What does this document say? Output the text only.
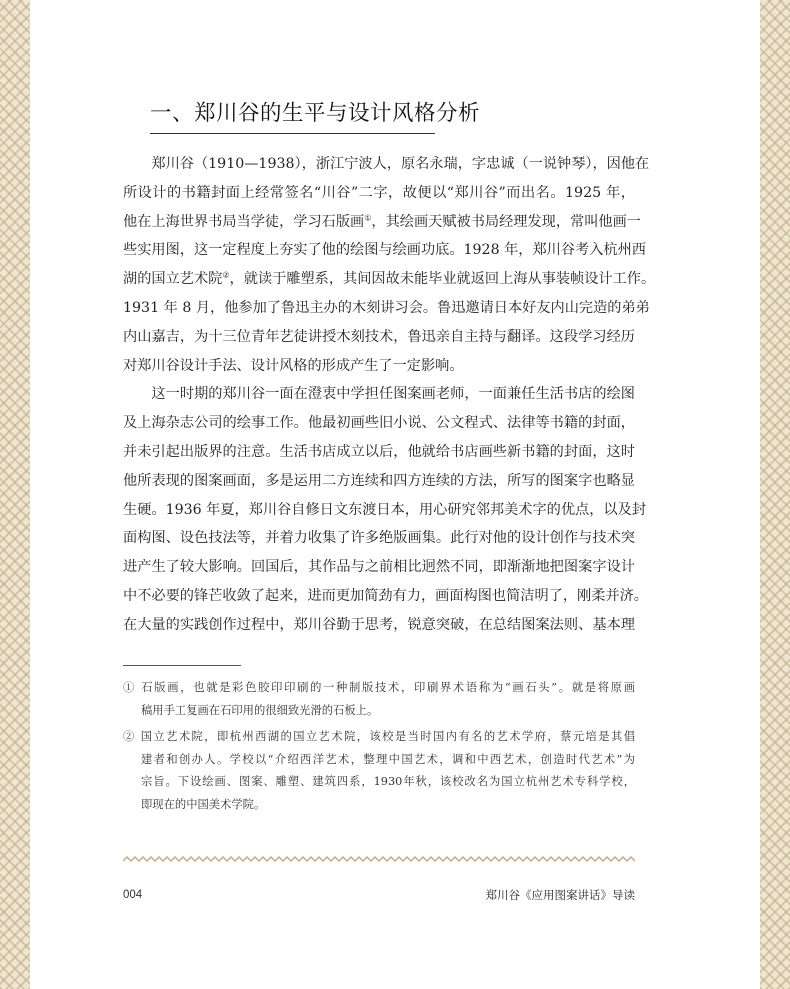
一、郑川谷的生平与设计风格分析

郑川谷（1910—1938），浙江宁波人，原名永瑞，字忠诚（一说钟琴），因他在
所设计的书籍封面上经常签名“川谷”二字，故便以“郑川谷”而出名。1925 年，
他在上海世界书局当学徒，学习石版画①，其绘画天赋被书局经理发现，常叫他画一
些实用图，这一定程度上夯实了他的绘图与绘画功底。1928 年，郑川谷考入杭州西
湖的国立艺术院②，就读于雕塑系，其间因故未能毕业就返回上海从事装帧设计工作。
1931 年 8 月，他参加了鲁迅主办的木刻讲习会。鲁迅邀请日本好友内山完造的弟弟
内山嘉吉，为十三位青年艺徒讲授木刻技术，鲁迅亲自主持与翻译。这段学习经历
对郑川谷设计手法、设计风格的形成产生了一定影响。

这一时期的郑川谷一面在澄衷中学担任图案画老师，一面兼任生活书店的绘图
及上海杂志公司的绘事工作。他最初画些旧小说、公文程式、法律等书籍的封面，
并未引起出版界的注意。生活书店成立以后，他就给书店画些新书籍的封面，这时
他所表现的图案画面，多是运用二方连续和四方连续的方法，所写的图案字也略显
生硬。1936 年夏，郑川谷自修日文东渡日本，用心研究邻邦美术字的优点，以及封
面构图、设色技法等，并着力收集了许多绝版画集。此行对他的设计创作与技术突
进产生了较大影响。回国后，其作品与之前相比迥然不同，即渐渐地把图案字设计
中不必要的锋芒收敛了起来，进而更加简劲有力，画面构图也简洁明了，刚柔并济。
在大量的实践创作过程中，郑川谷勤于思考，锐意突破，在总结图案法则、基本理

① 石版画，也就是彩色胶印印刷的一种制版技术，印刷界术语称为“画石头”。就是将原画
稿用手工复画在石印用的很细致光滑的石板上。
② 国立艺术院，即杭州西湖的国立艺术院，该校是当时国内有名的艺术学府，蔡元培是其倡
建者和创办人。学校以“介绍西洋艺术，整理中国艺术，调和中西艺术，创造时代艺术”为
宗旨。下设绘画、图案、雕塑、建筑四系，1930年秋，该校改名为国立杭州艺术专科学校，
即现在的中国美术学院。
004	郑川谷《应用图案讲话》导读
